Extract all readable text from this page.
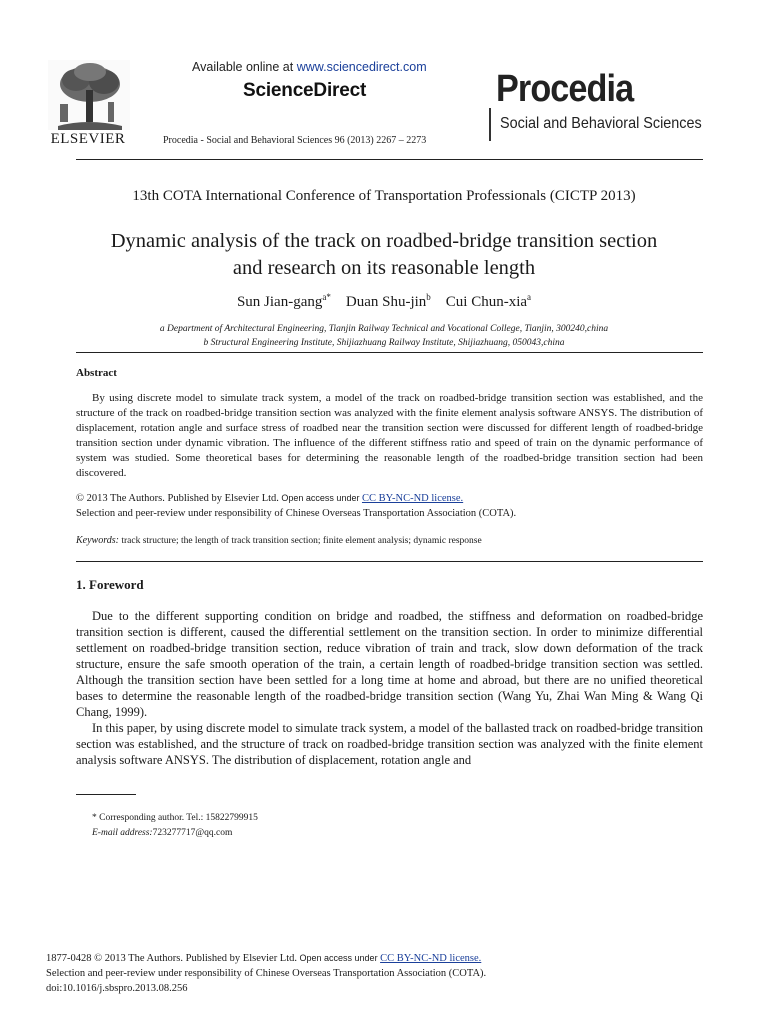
ELSEVIER
Available online at www.sciencedirect.com
ScienceDirect
Procedia - Social and Behavioral Sciences 96 (2013) 2267 – 2273
Procedia
Social and Behavioral Sciences
13th COTA International Conference of Transportation Professionals (CICTP 2013)
Dynamic analysis of the track on roadbed-bridge transition section
and research on its reasonable length
Sun Jian-gang$^{a*}$ Duan Shu-jin$^b$ Cui Chun-xia$^a$
a Department of Architectural Engineering, Tianjin Railway Technical and Vocational College, Tianjin, 300240,china
b Structural Engineering Institute, Shijiazhuang Railway Institute, Shijiazhuang, 050043,china
Abstract
By using discrete model to simulate track system, a model of the track on roadbed-bridge transition section was established, and the structure of the track on roadbed-bridge transition section was analyzed with the finite element analysis software ANSYS. The distribution of displacement, rotation angle and surface stress of roadbed near the transition section were discussed for different length of roadbed-bridge transition section under dynamic vibration. The influence of the different stiffness ratio and speed of train on the dynamic performance of system was studied. Some theoretical bases for determining the reasonable length of the roadbed-bridge transition section had been discovered.
© 2013 The Authors. Published by Elsevier Ltd. Open access under CC BY-NC-ND license.
Selection and peer-review under responsibility of Chinese Overseas Transportation Association (COTA).
Keywords: track structure; the length of track transition section; finite element analysis; dynamic response
1. Foreword

Due to the different supporting condition on bridge and roadbed, the stiffness and deformation on roadbed-bridge transition section is different, caused the differential settlement on the transition section. In order to minimize differential settlement on roadbed-bridge transition section, reduce vibration of train and track, slow down deformation of the track structure, ensure the safe smooth operation of the train, a certain length of roadbed-bridge transition section was settled. Although the transition section have been settled for a long time at home and abroad, but there are no unified theoretical bases to determine the reasonable length of the roadbed-bridge transition section (Wang Yu, Zhai Wan Ming & Wang Qi Chang, 1999).

In this paper, by using discrete model to simulate track system, a model of the ballasted track on roadbed-bridge transition section was established, and the structure of track on roadbed-bridge transition section was analyzed with the finite element analysis software ANSYS. The distribution of displacement, rotation angle and

* Corresponding author. Tel.: 15822799915
E-mail address:723277717@qq.com
1877-0428 © 2013 The Authors. Published by Elsevier Ltd. Open access under CC BY-NC-ND license.
Selection and peer-review under responsibility of Chinese Overseas Transportation Association (COTA).
doi:10.1016/j.sbspro.2013.08.256
